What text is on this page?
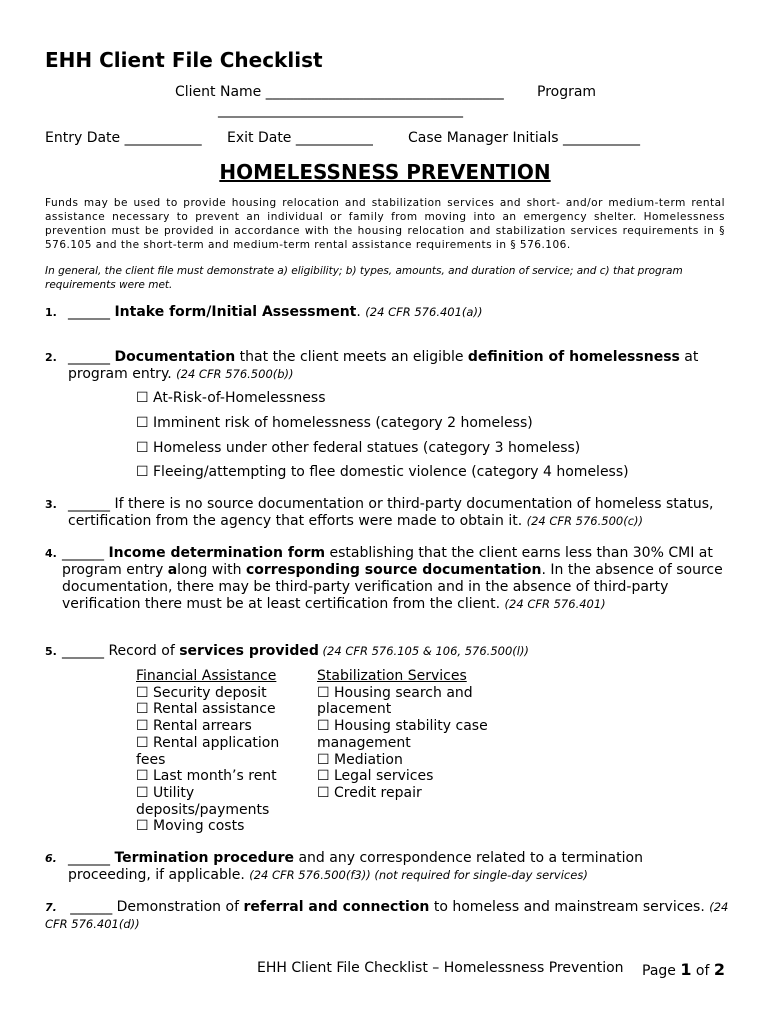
EHH Client File Checklist
Client Name __________________________________ Program
___________________________________
Entry Date ___________ Exit Date ___________	Case Manager Initials ___________
HOMELESSNESS PREVENTION
Funds may be used to provide housing relocation and stabilization services and short- and/or medium-term rental assistance necessary to prevent an individual or family from moving into an emergency shelter. Homelessness prevention must be provided in accordance with the housing relocation and stabilization services requirements in § 576.105 and the short-term and medium-term rental assistance requirements in § 576.106.
In general, the client file must demonstrate a) eligibility; b) types, amounts, and duration of service; and c) that program requirements were met.
1. ______ Intake form/Initial Assessment. (24 CFR 576.401(a))
2. ______ Documentation that the client meets an eligible definition of homelessness at program entry. (24 CFR 576.500(b))
☐ At-Risk-of-Homelessness
☐ Imminent risk of homelessness (category 2 homeless)
☐ Homeless under other federal statues (category 3 homeless)
☐ Fleeing/attempting to flee domestic violence (category 4 homeless)
3. ______ If there is no source documentation or third-party documentation of homeless status, certification from the agency that efforts were made to obtain it. (24 CFR 576.500(c))
4. ______ Income determination form establishing that the client earns less than 30% CMI at program entry along with corresponding source documentation. In the absence of source documentation, there may be third-party verification and in the absence of third-party verification there must be at least certification from the client. (24 CFR 576.401)
5. ______ Record of services provided (24 CFR 576.105 & 106, 576.500(l))
Financial Assistance
☐ Security deposit
☐ Rental assistance
☐ Rental arrears
☐ Rental application fees
☐ Last month’s rent
☐ Utility deposits/payments
☐ Moving costs
Stabilization Services
☐ Housing search and placement
☐ Housing stability case management
☐ Mediation
☐ Legal services
☐ Credit repair
6. ______ Termination procedure and any correspondence related to a termination proceeding, if applicable. (24 CFR 576.500(f3)) (not required for single-day services)
7. ______ Demonstration of referral and connection to homeless and mainstream services. (24 CFR 576.401(d))
EHH Client File Checklist – Homelessness Prevention Page 1 of 2
